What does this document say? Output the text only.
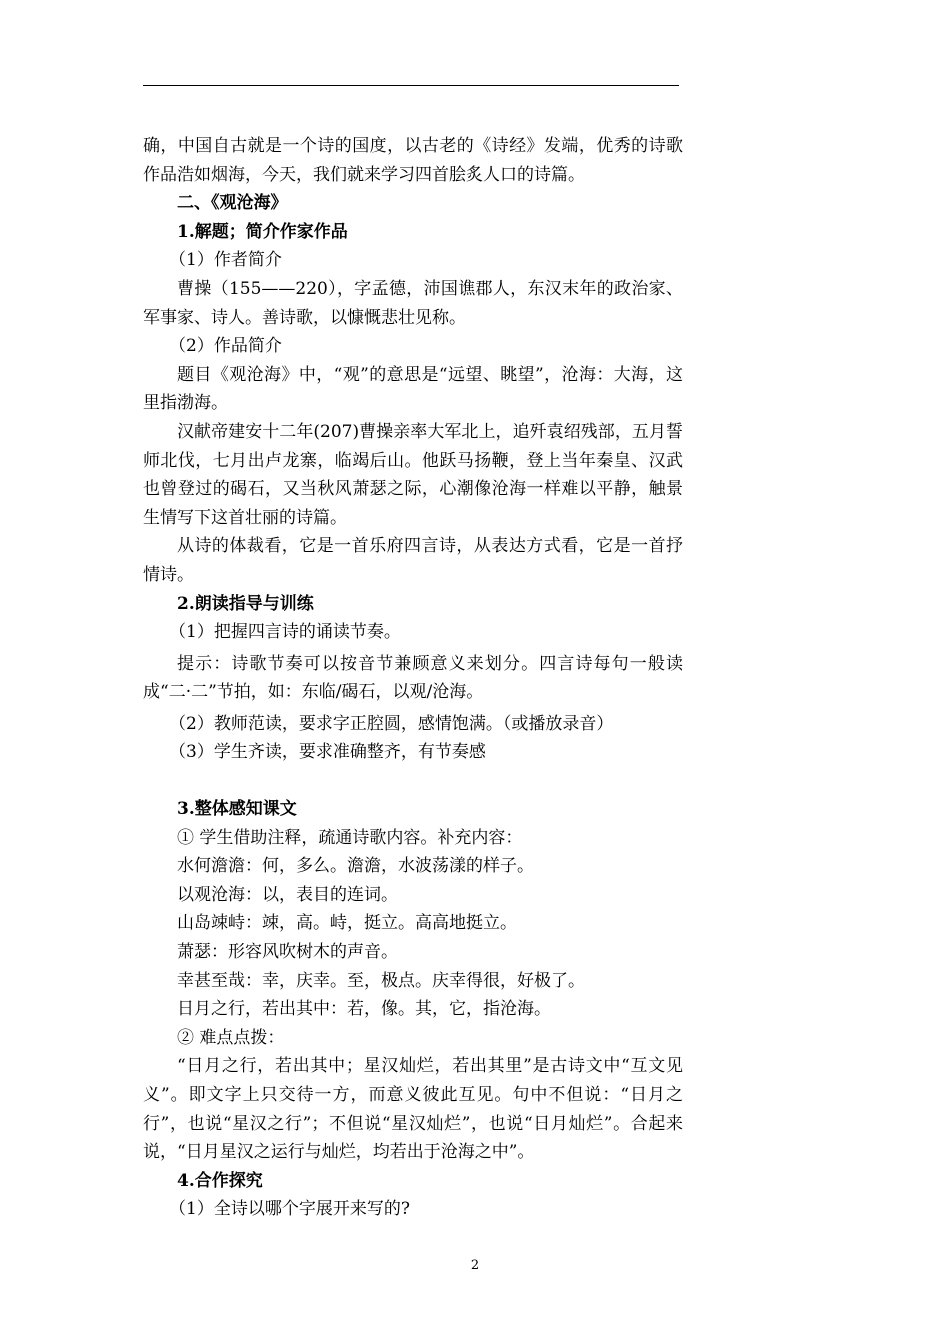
确，中国自古就是一个诗的国度，以古老的《诗经》发端，优秀的诗歌作品浩如烟海，今天，我们就来学习四首脍炙人口的诗篇。

二、《观沧海》

1.解题；简介作家作品

（1）作者简介

曹操（155——220），字孟德，沛国谯郡人，东汉末年的政治家、军事家、诗人。善诗歌，以慷慨悲壮见称。

（2）作品简介

题目《观沧海》中，“观”的意思是“远望、眺望”，沧海：大海，这里指渤海。

汉献帝建安十二年(207)曹操亲率大军北上，追歼袁绍残部，五月誓师北伐，七月出卢龙寨，临竭后山。他跃马扬鞭，登上当年秦皇、汉武也曾登过的碣石，又当秋风萧瑟之际，心潮像沧海一样难以平静，触景生情写下这首壮丽的诗篇。

从诗的体裁看，它是一首乐府四言诗，从表达方式看，它是一首抒情诗。

2.朗读指导与训练

（1）把握四言诗的诵读节奏。

提示：诗歌节奏可以按音节兼顾意义来划分。四言诗每句一般读成“二·二”节拍，如：东临/碣石，以观/沧海。

（2）教师范读，要求字正腔圆，感情饱满。（或播放录音）

（3）学生齐读，要求准确整齐，有节奏感

3.整体感知课文

① 学生借助注释，疏通诗歌内容。补充内容：

水何澹澹：何，多么。澹澹，水波荡漾的样子。

以观沧海：以，表目的连词。

山岛竦峙：竦，高。峙，挺立。高高地挺立。

萧瑟：形容风吹树木的声音。

幸甚至哉：幸，庆幸。至，极点。庆幸得很，好极了。

日月之行，若出其中：若，像。其，它，指沧海。

② 难点点拨：

“日月之行，若出其中；星汉灿烂，若出其里”是古诗文中“互文见义”。即文字上只交待一方，而意义彼此互见。句中不但说：“日月之行”，也说“星汉之行”；不但说“星汉灿烂”，也说“日月灿烂”。合起来说，“日月星汉之运行与灿烂，均若出于沧海之中”。

4.合作探究

（1）全诗以哪个字展开来写的?

2
